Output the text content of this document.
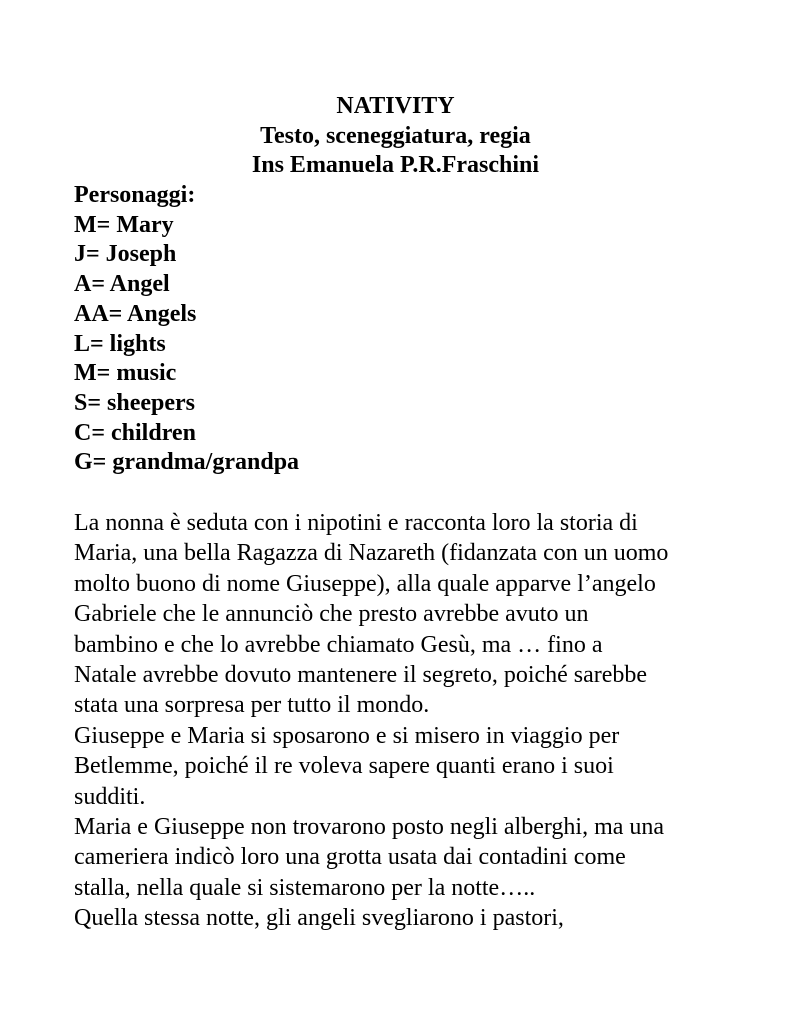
NATIVITY
Testo, sceneggiatura, regia
Ins Emanuela P.R.Fraschini
Personaggi:
M= Mary
J= Joseph
A= Angel
AA= Angels
L= lights
M= music
S= sheepers
C= children
G= grandma/grandpa
La nonna è seduta con i nipotini e racconta loro la storia di
Maria, una bella Ragazza di Nazareth (fidanzata con un uomo
molto buono di nome Giuseppe), alla quale apparve l’angelo
Gabriele che le annunciò che presto avrebbe avuto un
bambino e che lo avrebbe chiamato Gesù, ma … fino a
Natale avrebbe dovuto mantenere il segreto, poiché sarebbe
stata una sorpresa per tutto il mondo.
Giuseppe e Maria si sposarono e si misero in viaggio per
Betlemme, poiché il re voleva sapere quanti erano i suoi
sudditi.
Maria e Giuseppe non trovarono posto negli alberghi, ma una
cameriera indicò loro una grotta usata dai contadini come
stalla, nella quale si sistemarono per la notte…..
Quella stessa notte, gli angeli svegliarono i pastori,
